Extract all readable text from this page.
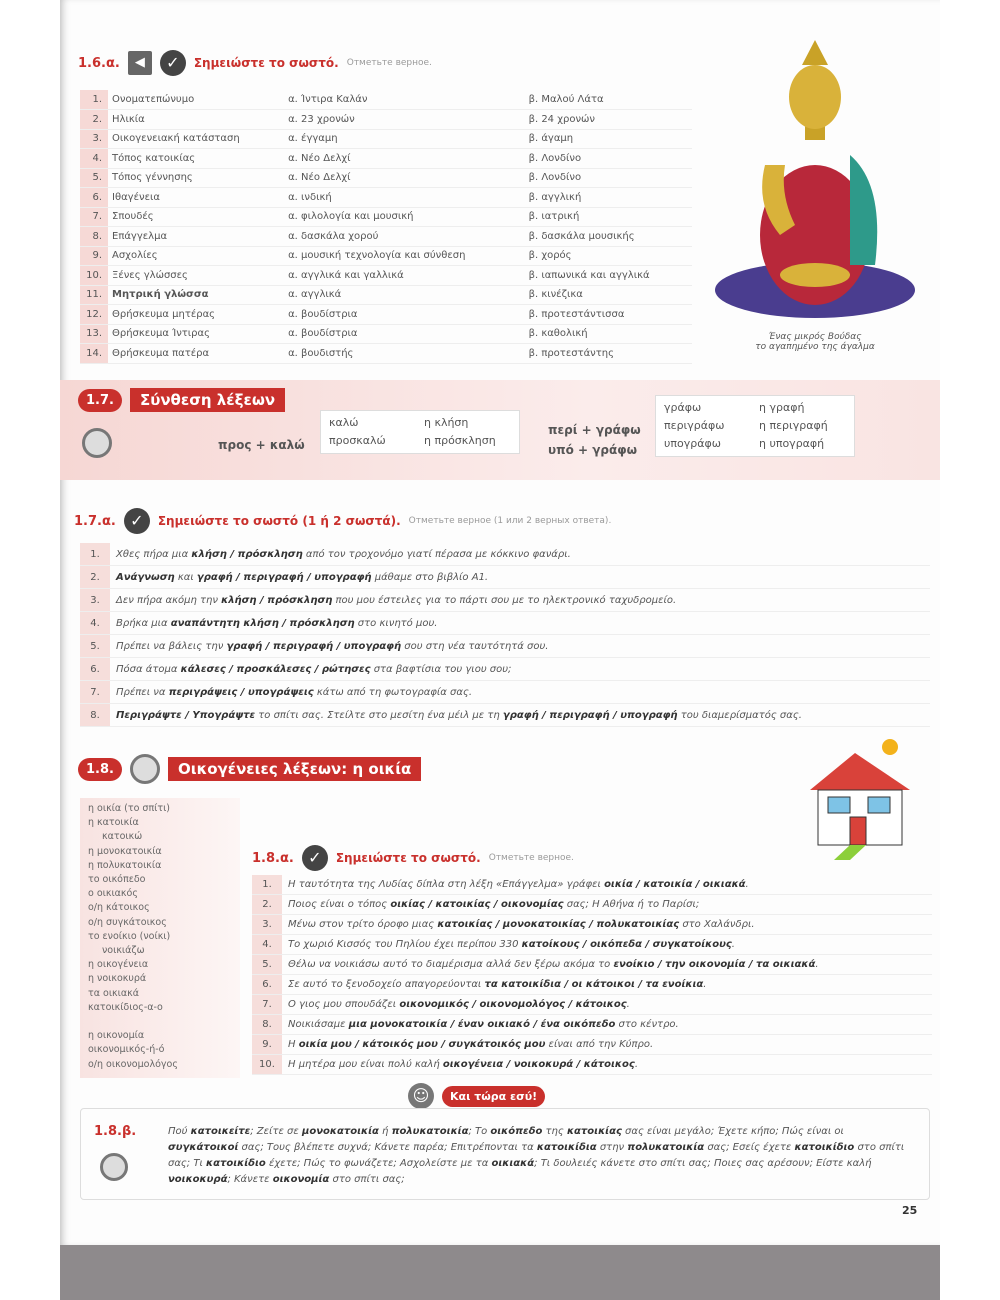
1.6.α.	◀	✓	Σημειώστε το σωστό. Отметьте верное.
1.	Ονοματεπώνυμο	α. Ίντιρα Καλάν	β. Μαλού Λάτα
2.	Ηλικία	α. 23 χρονών	β. 24 χρονών
3.	Οικογενειακή κατάσταση	α. έγγαμη	β. άγαμη
4.	Τόπος κατοικίας	α. Νέο Δελχί	β. Λονδίνο
5.	Τόπος γέννησης	α. Νέο Δελχί	β. Λονδίνο
6.	Ιθαγένεια	α. ινδική	β. αγγλική
7.	Σπουδές	α. φιλολογία και μουσική	β. ιατρική
8.	Επάγγελμα	α. δασκάλα χορού	β. δασκάλα μουσικής
9.	Ασχολίες	α. μουσική τεχνολογία και σύνθεση	β. χορός
10.	Ξένες γλώσσες	α. αγγλικά και γαλλικά	β. ιαπωνικά και αγγλικά
11.	Μητρική γλώσσα	α. αγγλικά	β. κινέζικα
12.	Θρήσκευμα μητέρας	α. βουδίστρια	β. προτεστάντισσα
13.	Θρήσκευμα Ίντιρας	α. βουδίστρια	β. καθολική
14.	Θρήσκευμα πατέρα	α. βουδιστής	β. προτεστάντης
Ένας μικρός Βούδας
το αγαπημένο της άγαλμα
1.7.	Σύνθεση λέξεων
προς + καλώ
καλώ	η κλήση
προσκαλώ	η πρόσκληση
περί + γράφω
υπό + γράφω
γράφω	η γραφή
περιγράφω	η περιγραφή
υπογράφω	η υπογραφή
1.7.α. ✓	Σημειώστε το σωστό (1 ή 2 σωστά). Отметьте верное (1 или 2 верных ответа).
1.	Χθες πήρα μια κλήση / πρόσκληση από τον τροχονόμο γιατί πέρασα με κόκκινο φανάρι.
2.	Ανάγνωση και γραφή / περιγραφή / υπογραφή μάθαμε στο βιβλίο Α1.
3.	Δεν πήρα ακόμη την κλήση / πρόσκληση που μου έστειλες για το πάρτι σου με το ηλεκτρονικό ταχυδρομείο.
4.	Βρήκα μια αναπάντητη κλήση / πρόσκληση στο κινητό μου.
5.	Πρέπει να βάλεις την γραφή / περιγραφή / υπογραφή σου στη νέα ταυτότητά σου.
6.	Πόσα άτομα κάλεσες / προσκάλεσες / ρώτησες στα βαφτίσια του γιου σου;
7.	Πρέπει να περιγράψεις / υπογράψεις κάτω από τη φωτογραφία σας.
8.	Περιγράψτε / Υπογράψτε το σπίτι σας. Στείλτε στο μεσίτη ένα μέιλ με τη γραφή / περιγραφή / υπογραφή του διαμερίσματός σας.
1.8.	Οικογένειες λέξεων: η οικία
η οικία (το σπίτι)
η κατοικία
κατοικώ
η μονοκατοικία
η πολυκατοικία
το οικόπεδο
ο οικιακός
ο/η κάτοικος
ο/η συγκάτοικος
το ενοίκιο (νοίκι)
νοικιάζω
η οικογένεια
η νοικοκυρά
τα οικιακά
κατοικίδιος-α-ο

η οικονομία
οικονομικός-ή-ό
ο/η οικονομολόγος
1.8.α. ✓	Σημειώστε το σωστό. Отметьте верное.
1.	Η ταυτότητα της Λυδίας δίπλα στη λέξη «Επάγγελμα» γράφει οικία / κατοικία / οικιακά.
2.	Ποιος είναι ο τόπος οικίας / κατοικίας / οικονομίας σας; Η Αθήνα ή το Παρίσι;
3.	Μένω στον τρίτο όροφο μιας κατοικίας / μονοκατοικίας / πολυκατοικίας στο Χαλάνδρι.
4.	Το χωριό Κισσός του Πηλίου έχει περίπου 330 κατοίκους / οικόπεδα / συγκατοίκους.
5.	Θέλω να νοικιάσω αυτό το διαμέρισμα αλλά δεν ξέρω ακόμα το ενοίκιο / την οικονομία / τα οικιακά.
6.	Σε αυτό το ξενοδοχείο απαγορεύονται τα κατοικίδια / οι κάτοικοι / τα ενοίκια.
7.	Ο γιος μου σπουδάζει οικονομικός / οικονομολόγος / κάτοικος.
8.	Νοικιάσαμε μια μονοκατοικία / έναν οικιακό / ένα οικόπεδο στο κέντρο.
9.	Η οικία μου / κάτοικός μου / συγκάτοικός μου είναι από την Κύπρο.
10.	Η μητέρα μου είναι πολύ καλή οικογένεια / νοικοκυρά / κάτοικος.
☺	Και τώρα εσύ!
1.8.β.	Πού κατοικείτε; Ζείτε σε μονοκατοικία ή πολυκατοικία; Το οικόπεδο της κατοικίας σας είναι μεγάλο; Έχετε κήπο; Πώς είναι οι συγκάτοικοί σας; Τους βλέπετε συχνά; Κάνετε παρέα; Επιτρέπονται τα κατοικίδια στην πολυκατοικία σας; Εσείς έχετε κατοικίδιο στο σπίτι σας; Τι κατοικίδιο έχετε; Πώς το φωνάζετε; Ασχολείστε με τα οικιακά; Τι δουλειές κάνετε στο σπίτι σας; Ποιες σας αρέσουν; Είστε καλή νοικοκυρά; Κάνετε οικονομία στο σπίτι σας;
25
